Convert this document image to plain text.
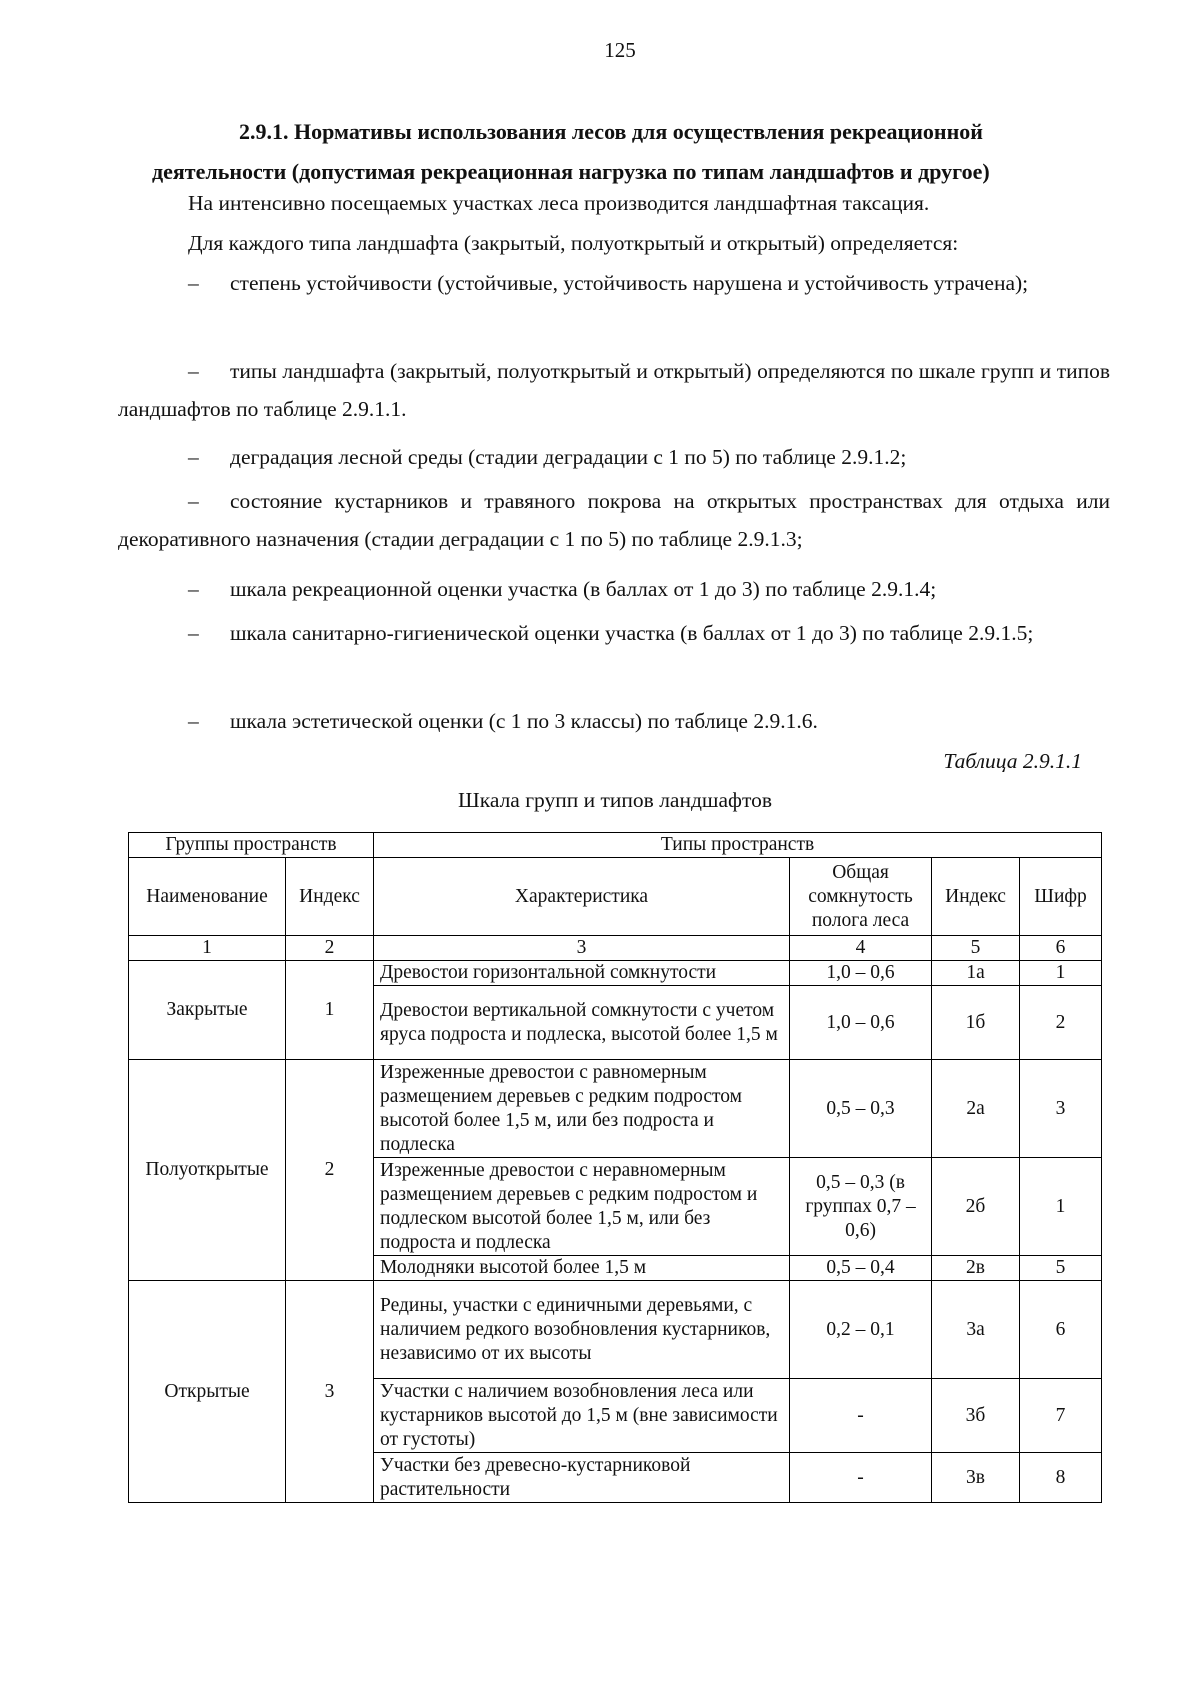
125
2.9.1. Нормативы использования лесов для осуществления рекреационной
деятельности (допустимая рекреационная нагрузка по типам ландшафтов и другое)

На интенсивно посещаемых участках леса производится ландшафтная таксация.

Для каждого типа ландшафта (закрытый, полуоткрытый и открытый) определяется:

– степень устойчивости (устойчивые, устойчивость нарушена и устойчивость утрачена);

– типы ландшафта (закрытый, полуоткрытый и открытый) определяются по шкале групп и типов ландшафтов по таблице 2.9.1.1.

– деградация лесной среды (стадии деградации с 1 по 5) по таблице 2.9.1.2;

– состояние кустарников и травяного покрова на открытых пространствах для отдыха или декоративного назначения (стадии деградации с 1 по 5) по таблице 2.9.1.3;

– шкала рекреационной оценки участка (в баллах от 1 до 3) по таблице 2.9.1.4;

– шкала санитарно-гигиенической оценки участка (в баллах от 1 до 3) по таблице 2.9.1.5;

– шкала эстетической оценки (с 1 по 3 классы) по таблице 2.9.1.6.

Таблица 2.9.1.1
Шкала групп и типов ландшафтов
Группы пространств		Типы пространств			
Наименование	Индекс	Характеристика	Общая сомкнутость полога леса	Индекс	Шифр
1	2	3	4	5	6
Закрытые	1	Древостои горизонтальной сомкнутости	1,0 – 0,6	1а	1
		Древостои вертикальной сомкнутости с учетом яруса подроста и подлеска, высотой более 1,5 м	1,0 – 0,6	1б	2
Полуоткрытые	2	Изреженные древостои с равномерным размещением деревьев с редким подростом высотой более 1,5 м, или без подроста и подлеска	0,5 – 0,3	2а	3
		Изреженные древостои с неравномерным размещением деревьев с редким подростом и подлеском высотой более 1,5 м, или без подроста и подлеска	0,5 – 0,3 (в группах 0,7 – 0,6)	2б	1
		Молодняки высотой более 1,5 м	0,5 – 0,4	2в	5
Открытые	3	Редины, участки с единичными деревьями, с наличием редкого возобновления кустарников, независимо от их высоты	0,2 – 0,1	3а	6
		Участки с наличием возобновления леса или кустарников высотой до 1,5 м (вне зависимости от густоты)	-	3б	7
		Участки без древесно-кустарниковой растительности	-	3в	8
